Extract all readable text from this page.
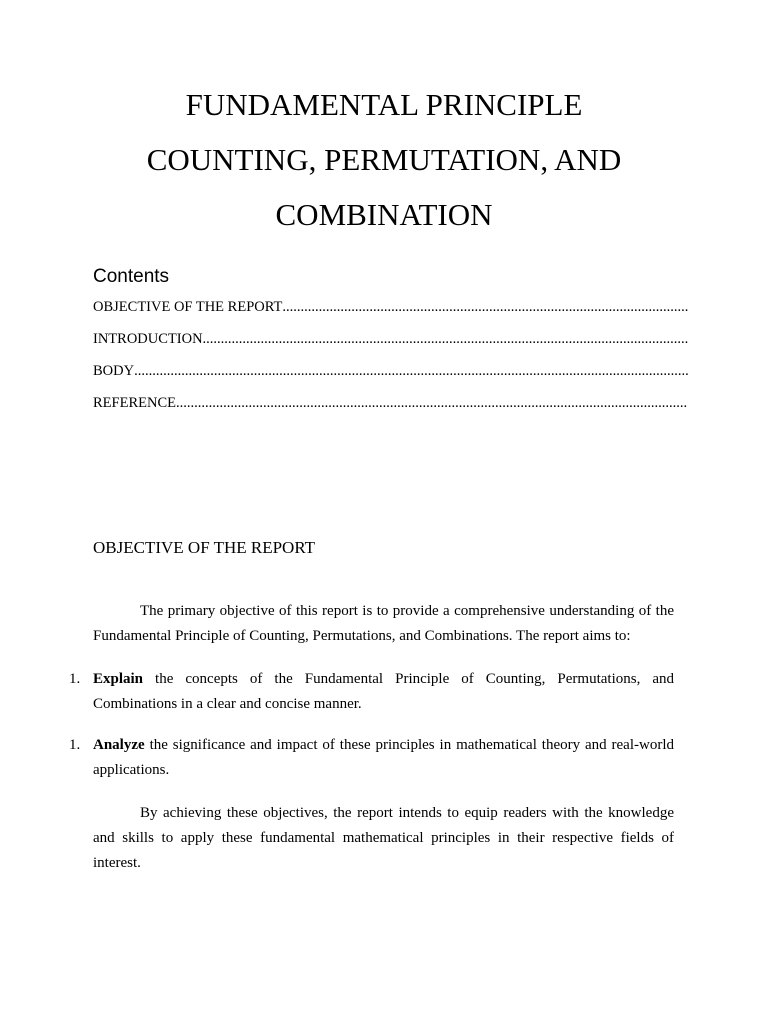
FUNDAMENTAL PRINCIPLE
COUNTING, PERMUTATION, AND
COMBINATION
Contents
OBJECTIVE OF THE REPORT
.....
INTRODUCTION
.....
BODY
.....
REFERENCE
.....
OBJECTIVE OF THE REPORT

The primary objective of this report is to provide a comprehensive understanding of the Fundamental Principle of Counting, Permutations, and Combinations. The report aims to:

1. Explain the concepts of the Fundamental Principle of Counting, Permutations, and Combinations in a clear and concise manner.

1. Analyze the significance and impact of these principles in mathematical theory and real-world applications.

By achieving these objectives, the report intends to equip readers with the knowledge and skills to apply these fundamental mathematical principles in their respective fields of interest.
